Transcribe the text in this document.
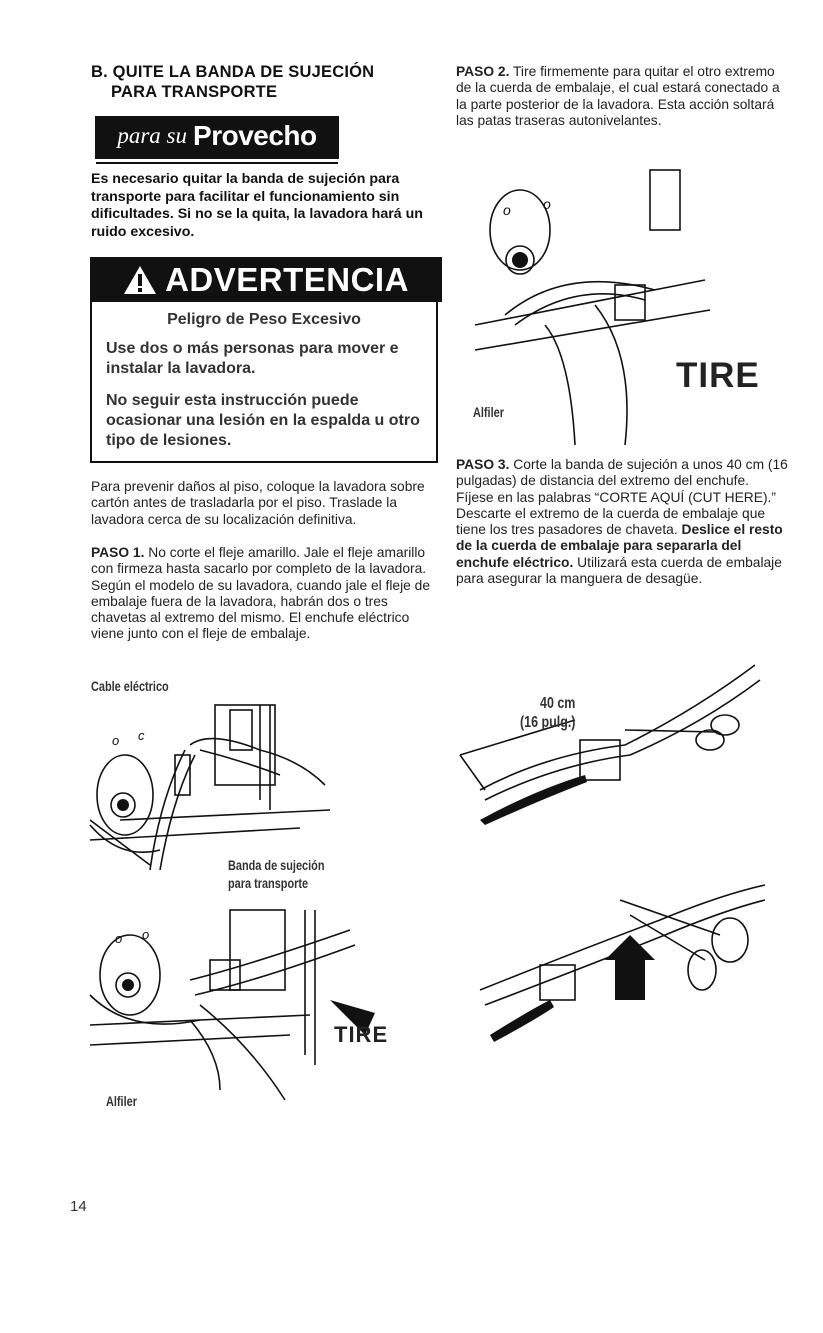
B. QUITE LA BANDA DE SUJECIÓN
PARA TRANSPORTE
para su Provecho
Es necesario quitar la banda de sujeción para transporte para facilitar el funcionamiento sin dificultades. Si no se la quita, la lavadora hará un ruido excesivo.
ADVERTENCIA
Peligro de Peso Excesivo
Use dos o más personas para mover e instalar la lavadora.
No seguir esta instrucción puede ocasionar una lesión en la espalda u otro tipo de lesiones.
Para prevenir daños al piso, coloque la lavadora sobre cartón antes de trasladarla por el piso. Traslade la lavadora cerca de su localización definitiva.
PASO 1. No corte el fleje amarillo. Jale el fleje amarillo con firmeza hasta sacarlo por completo de la lavadora. Según el modelo de su lavadora, cuando jale el fleje de embalaje fuera de la lavadora, habrán dos o tres chavetas al extremo del mismo. El enchufe eléctrico viene junto con el fleje de embalaje.
Cable eléctrico
o c
Banda de sujeción
para transporte
o o
TIRE
Alfiler
PASO 2. Tire firmemente para quitar el otro extremo de la cuerda de embalaje, el cual estará conectado a la parte posterior de la lavadora. Esta acción soltará las patas traseras autonivelantes.
o o
TIRE
Alfiler
PASO 3. Corte la banda de sujeción a unos 40 cm (16 pulgadas) de distancia del extremo del enchufe. Fíjese en las palabras “CORTE AQUÍ (CUT HERE).” Descarte el extremo de la cuerda de embalaje que tiene los tres pasadores de chaveta. Deslice el resto de la cuerda de embalaje para separarla del enchufe eléctrico. Utilizará esta cuerda de embalaje para asegurar la manguera de desagüe.
40 cm
(16 pulg.)
14
